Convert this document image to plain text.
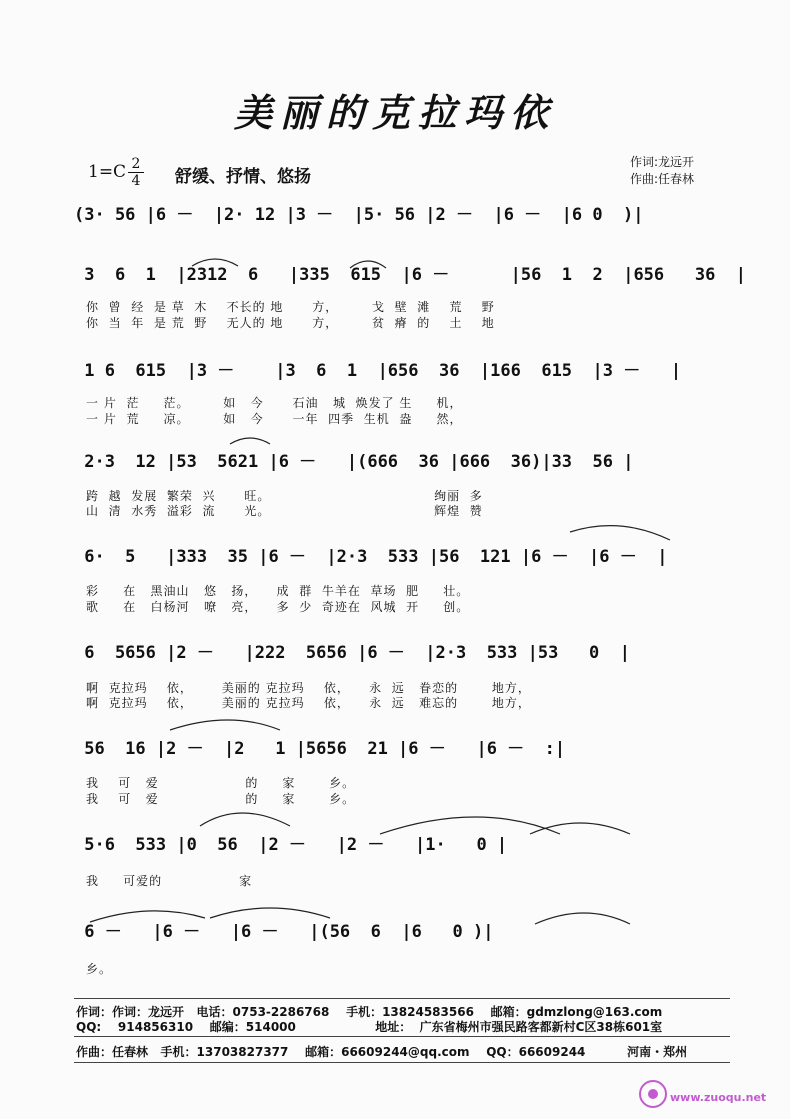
美丽的克拉玛依
1=C 2
4 舒缓、抒情、悠扬
作词:龙远开
作曲:任春林
(3· 56 |6 －  |2· 12 |3 －  |5· 56 |2 －  |6 －  |6 0  )|
3  6  1  |2312  6   |335  615  |6 －      |56  1  2  |656   36  |
你  曾  经  是 草  木    不长的 地      方，       戈  壁  滩    荒    野
你  当  年  是 荒  野    无人的 地      方，       贫  瘠  的    土    地
1 6  615  |3 －    |3  6  1  |656  36  |166  615  |3 －   |
一 片  茫     茫。       如   今      石油   城  焕发了 生     机，
一 片  荒     凉。       如   今      一年  四季  生机  盎     然，
2·3  12 |53  5621 |6 －   |(666  36 |666  36)|33  56 |
跨  越  发展  繁荣  兴      旺。                                  绚丽  多
山  清  水秀  溢彩  流      光。                                  辉煌  赞
6·  5   |333  35 |6 －  |2·3  533 |56  121 |6 －  |6 －  |
彩     在   黑油山   悠   扬，    成  群  牛羊在  草场  肥     壮。
歌     在   白杨河   嘹   亮，    多  少  奇迹在  风城  开     创。
6  5656 |2 －   |222  5656 |6 －  |2·3  533 |53   0  |
啊  克拉玛    依，      美丽的 克拉玛    依，    永  远   眷恋的       地方，
啊  克拉玛    依，      美丽的 克拉玛    依，    永  远   难忘的       地方，
56  16 |2 －  |2   1 |5656  21 |6 －   |6 －  :|
我    可   爱                  的     家       乡。
我    可   爱                  的     家       乡。
5·6  533 |0  56  |2 －   |2 －   |1·   0 |
我     可爱的                家
6 －   |6 －   |6 －   |(56  6  |6   0 )|
乡。
作词：作词：龙远开   电话：0753-2286768    手机：13824583566    邮箱：gdmzlong@163.com
QQ:    914856310    邮编：514000                   地址：  广东省梅州市强民路客都新村C区38栋601室
作曲：任春林   手机：13703827377    邮箱：66609244@qq.com    QQ：66609244          河南・郑州
www.zuoqu.net
